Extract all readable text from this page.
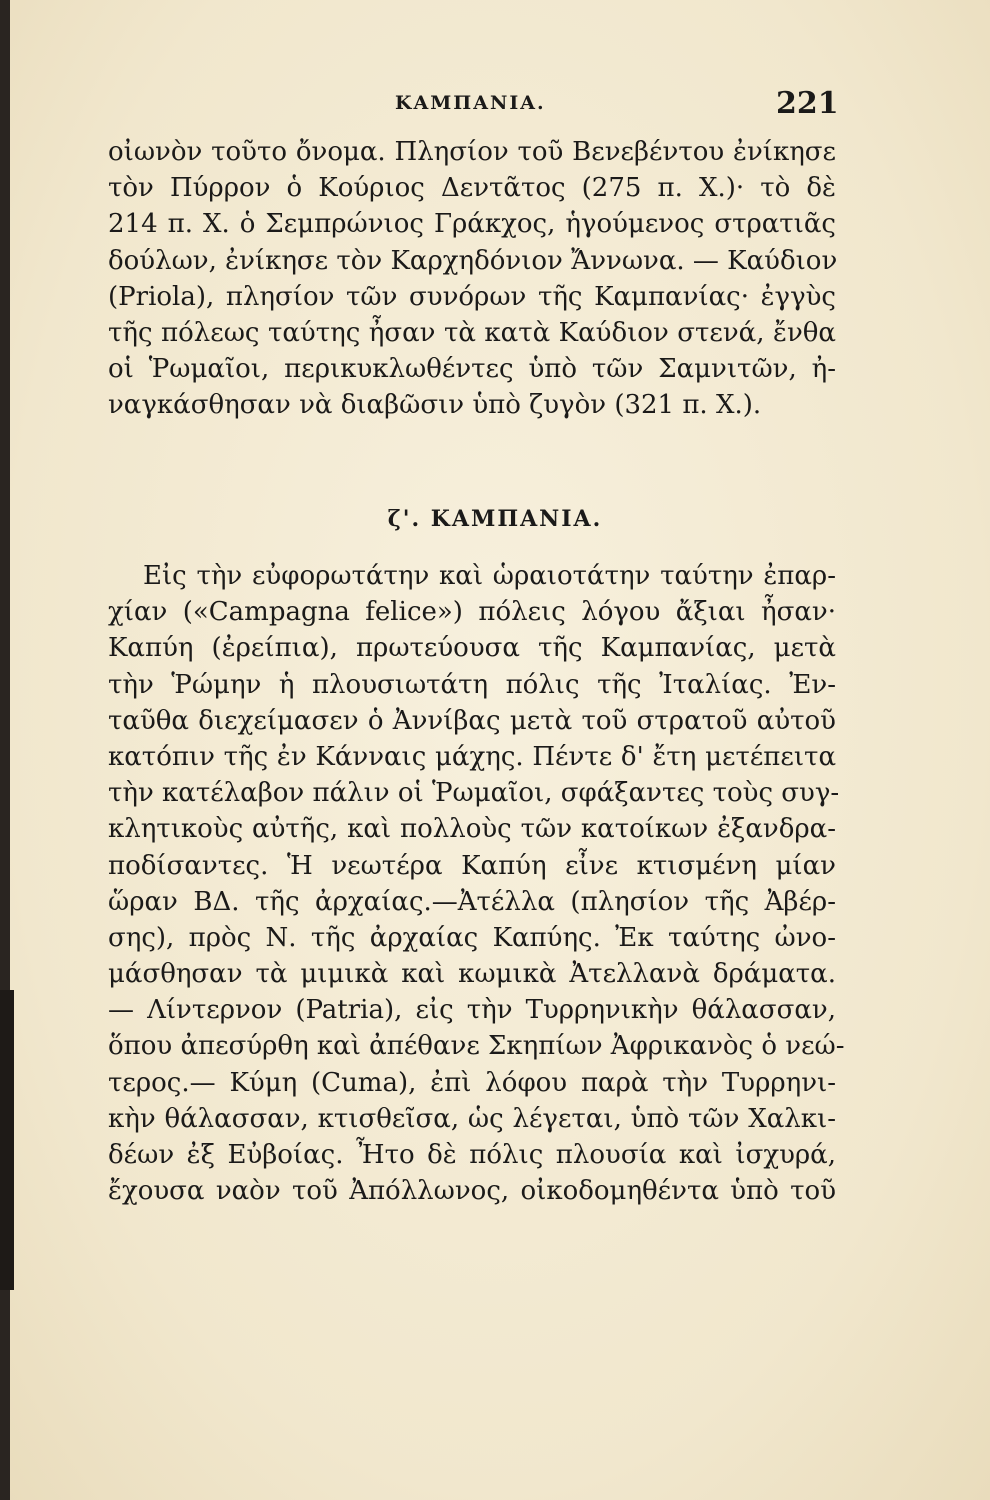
ΚΑΜΠΑΝΙΑ.	221
οἰωνὸν τοῦτο ὄνομα. Πλησίον τοῦ Βενεβέντου ἐνίκησε
τὸν Πύρρον ὁ Κούριος Δεντᾶτος (275 π. Χ.)· τὸ δὲ
214 π. Χ. ὁ Σεμπρώνιος Γράκχος, ἡγούμενος στρατιᾶς
δούλων, ἐνίκησε τὸν Καρχηδόνιον Ἄννωνα. — Καύδιον
(Priola), πλησίον τῶν συνόρων τῆς Καμπανίας· ἐγγὺς
τῆς πόλεως ταύτης ἦσαν τὰ κατὰ Καύδιον στενά, ἔνθα
οἱ Ῥωμαῖοι, περικυκλωθέντες ὑπὸ τῶν Σαμνιτῶν, ἠ-
ναγκάσθησαν νὰ διαβῶσιν ὑπὸ ζυγὸν (321 π. Χ.).
ζ'. ΚΑΜΠΑΝΙΑ.
Εἰς τὴν εὐφορωτάτην καὶ ὡραιοτάτην ταύτην ἐπαρ-
χίαν («Campagna felice») πόλεις λόγου ἄξιαι ἦσαν·
Καπύη (ἐρείπια), πρωτεύουσα τῆς Καμπανίας, μετὰ
τὴν Ῥώμην ἡ πλουσιωτάτη πόλις τῆς Ἰταλίας. Ἐν-
ταῦθα διεχείμασεν ὁ Ἀννίβας μετὰ τοῦ στρατοῦ αὐτοῦ
κατόπιν τῆς ἐν Κάνναις μάχης. Πέντε δ' ἔτη μετέπειτα
τὴν κατέλαβον πάλιν οἱ Ῥωμαῖοι, σφάξαντες τοὺς συγ-
κλητικοὺς αὐτῆς, καὶ πολλοὺς τῶν κατοίκων ἐξανδρα-
ποδίσαντες. Ἡ νεωτέρα Καπύη εἶνε κτισμένη μίαν
ὥραν ΒΔ. τῆς ἀρχαίας.—Ἀτέλλα (πλησίον τῆς Ἀβέρ-
σης), πρὸς Ν. τῆς ἀρχαίας Καπύης. Ἐκ ταύτης ὠνο-
μάσθησαν τὰ μιμικὰ καὶ κωμικὰ Ἀτελλανὰ δράματα.
— Λίντερνον (Patria), εἰς τὴν Τυρρηνικὴν θάλασσαν,
ὅπου ἀπεσύρθη καὶ ἀπέθανε Σκηπίων Ἀφρικανὸς ὁ νεώ-
τερος.— Κύμη (Cuma), ἐπὶ λόφου παρὰ τὴν Τυρρηνι-
κὴν θάλασσαν, κτισθεῖσα, ὡς λέγεται, ὑπὸ τῶν Χαλκι-
δέων ἐξ Εὐβοίας. Ἦτο δὲ πόλις πλουσία καὶ ἰσχυρά,
ἔχουσα ναὸν τοῦ Ἀπόλλωνος, οἰκοδομηθέντα ὑπὸ τοῦ
